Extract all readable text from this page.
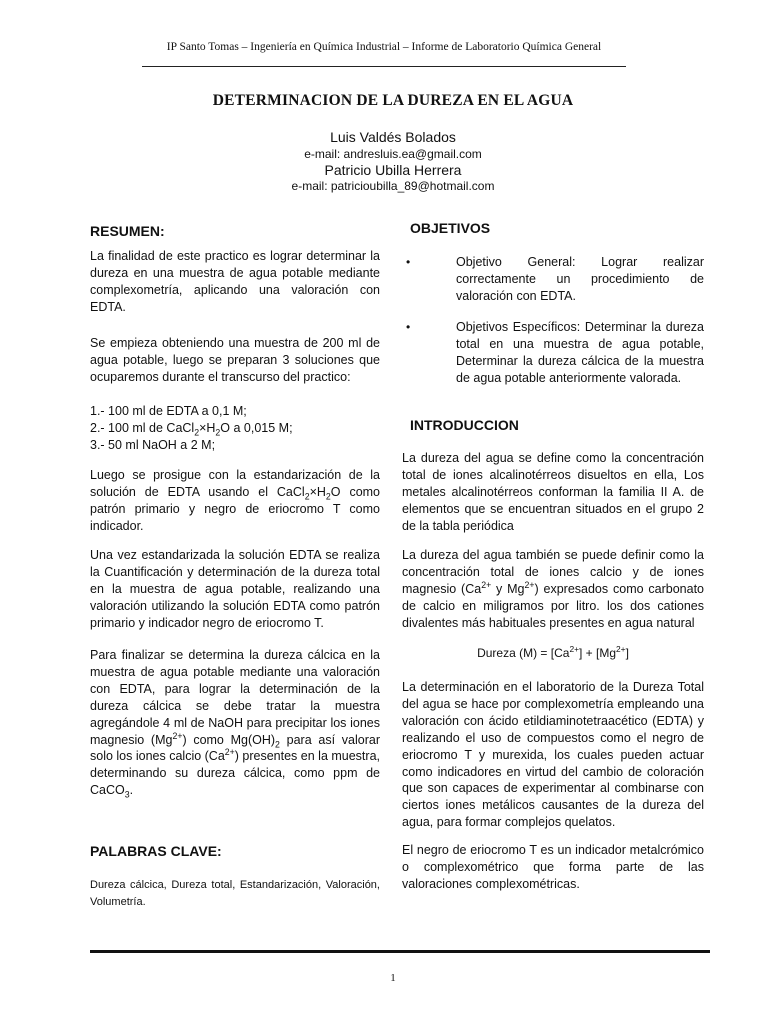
IP Santo Tomas – Ingeniería en Química Industrial – Informe de Laboratorio Química General
DETERMINACION DE LA DUREZA EN EL AGUA
Luis Valdés Bolados
e-mail: andresluis.ea@gmail.com
Patricio Ubilla Herrera
e-mail: patricioubilla_89@hotmail.com
RESUMEN:
La finalidad de este practico es lograr determinar la dureza en una muestra de agua potable mediante complexometría, aplicando una valoración con EDTA.
Se empieza obteniendo una muestra de 200 ml de agua potable, luego se preparan 3 soluciones que ocuparemos durante el transcurso del practico:
1.- 100 ml de EDTA a 0,1 M;
2.- 100 ml de $CaCl_2\times H_2O$ a 0,015 M;
3.- 50 ml NaOH a 2 M;
Luego se prosigue con la estandarización de la solución de EDTA usando el $CaCl_2\times H_2O$ como patrón primario y negro de eriocromo T como indicador.
Una vez estandarizada la solución EDTA se realiza la Cuantificación y determinación de la dureza total en la muestra de agua potable, realizando una valoración utilizando la solución EDTA como patrón primario y indicador negro de eriocromo T.
Para finalizar se determina la dureza cálcica en la muestra de agua potable mediante una valoración con EDTA, para lograr la determinación de la dureza cálcica se debe tratar la muestra agregándole 4 ml de NaOH para precipitar los iones magnesio $(Mg^{2+})$ como $Mg(OH)_2$ para así valorar solo los iones calcio $(Ca^{2+})$ presentes en la muestra, determinando su dureza cálcica, como ppm de CaCO$_3$.
PALABRAS CLAVE:
Dureza cálcica, Dureza total, Estandarización, Valoración, Volumetría.
OBJETIVOS
•	Objetivo General: Lograr realizar correctamente un procedimiento de valoración con EDTA.
•	Objetivos Específicos: Determinar la dureza total en una muestra de agua potable, Determinar la dureza cálcica de la muestra de agua potable anteriormente valorada.
INTRODUCCION
La dureza del agua se define como la concentración total de iones alcalinotérreos disueltos en ella, Los metales alcalinotérreos conforman la familia II A. de elementos que se encuentran situados en el grupo 2 de la tabla periódica
La dureza del agua también se puede definir como la concentración total de iones calcio y de iones magnesio ($Ca^{2+}$ y $Mg^{2+}$) expresados como carbonato de calcio en miligramos por litro. los dos cationes divalentes más habituales presentes en agua natural
Dureza $(M) = [Ca^{2+}] + [Mg^{2+}]$
La determinación en el laboratorio de la Dureza Total del agua se hace por complexometría empleando una valoración con ácido etildiaminotetraacético (EDTA) y realizando el uso de compuestos como el negro de eriocromo T y murexida, los cuales pueden actuar como indicadores en virtud del cambio de coloración que son capaces de experimentar al combinarse con ciertos iones metálicos causantes de la dureza del agua, para formar complejos quelatos.
El negro de eriocromo T es un indicador metalcrómico o complexométrico que forma parte de las valoraciones complexométricas.
1
